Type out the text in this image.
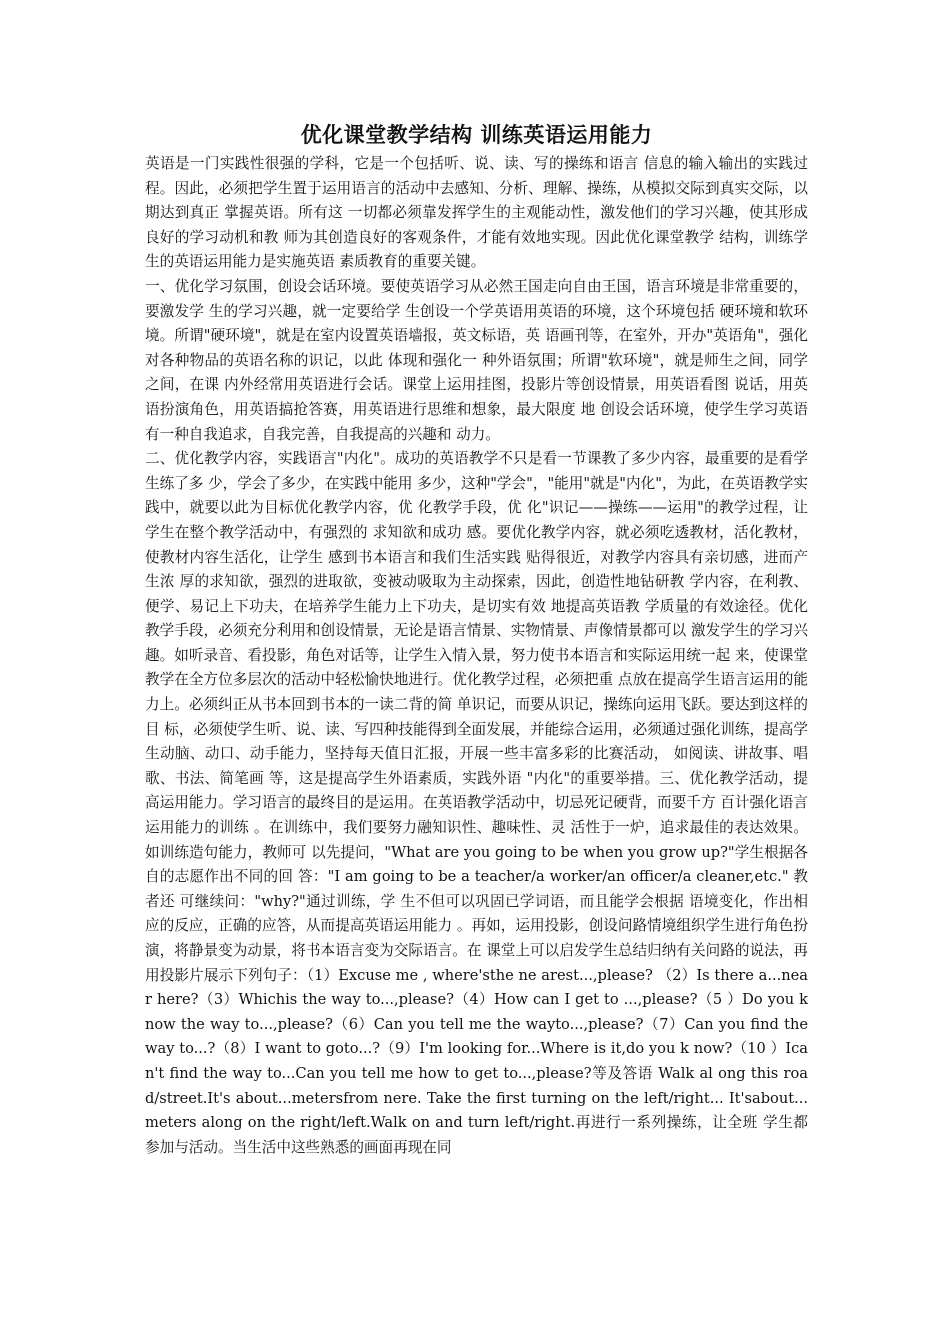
优化课堂教学结构 训练英语运用能力

英语是一门实践性很强的学科，它是一个包括听、说、读、写的操练和语言 信息的输入输出的实践过程。因此，必须把学生置于运用语言的活动中去感知、分析、理解、操练，从模拟交际到真实交际，以期达到真正 掌握英语。所有这 一切都必须靠发挥学生的主观能动性，激发他们的学习兴趣，使其形成良好的学习动机和教 师为其创造良好的客观条件，才能有效地实现。因此优化课堂教学 结构，训练学生的英语运用能力是实施英语 素质教育的重要关键。

一、优化学习氛围，创设会话环境。要使英语学习从必然王国走向自由王国，语言环境是非常重要的，要激发学 生的学习兴趣，就一定要给学 生创设一个学英语用英语的环境，这个环境包括 硬环境和软环境。所谓"硬环境"，就是在室内设置英语墙报，英文标语，英 语画刊等，在室外，开办"英语角"，强化对各种物品的英语名称的识记，以此 体现和强化一 种外语氛围；所谓"软环境"，就是师生之间，同学之间，在课 内外经常用英语进行会话。课堂上运用挂图，投影片等创设情景，用英语看图 说话，用英语扮演角色，用英语搞抢答赛，用英语进行思维和想象，最大限度 地 创设会话环境，使学生学习英语有一种自我追求，自我完善，自我提高的兴趣和 动力。

二、优化教学内容，实践语言"内化"。成功的英语教学不只是看一节课教了多少内容，最重要的是看学生练了多 少，学会了多少，在实践中能用 多少，这种"学会"，"能用"就是"内化"，为此，在英语教学实践中，就要以此为目标优化教学内容，优 化教学手段，优 化"识记——操练——运用"的教学过程，让学生在整个教学活动中，有强烈的 求知欲和成功 感。要优化教学内容，就必须吃透教材，活化教材，使教材内容生活化，让学生 感到书本语言和我们生活实践 贴得很近，对教学内容具有亲切感，进而产生浓 厚的求知欲，强烈的进取欲，变被动吸取为主动探索，因此，创造性地钻研教 学内容，在利教、便学、易记上下功夫，在培养学生能力上下功夫，是切实有效 地提高英语教 学质量的有效途径。优化教学手段，必须充分利用和创设情景，无论是语言情景、实物情景、声像情景都可以 激发学生的学习兴趣。如听录音、看投影，角色对话等，让学生入情入景，努力使书本语言和实际运用统一起 来，使课堂教学在全方位多层次的活动中轻松愉快地进行。优化教学过程，必须把重 点放在提高学生语言运用的能力上。必须纠正从书本回到书本的一读二背的简 单识记，而要从识记，操练向运用飞跃。要达到这样的目 标，必须使学生听、说、读、写四种技能得到全面发展，并能综合运用，必须通过强化训练，提高学 生动脑、动口、动手能力，坚持每天值日汇报，开展一些丰富多彩的比赛活动， 如阅读、讲故事、唱歌、书法、简笔画 等，这是提高学生外语素质，实践外语 "内化"的重要举措。三、优化教学活动，提高运用能力。学习语言的最终目的是运用。在英语教学活动中，切忌死记硬背，而要千方 百计强化语言运用能力的训练 。在训练中，我们要努力融知识性、趣味性、灵 活性于一炉，追求最佳的表达效果。如训练造句能力，教师可 以先提问，"What are you going to be when you grow up?"学生根据各自的志愿作出不同的回 答："I am going to be a teacher/a worker/an officer/a cleaner,etc." 教者还 可继续问："why?"通过训练，学 生不但可以巩固已学词语，而且能学会根据 语境变化，作出相应的反应，正确的应答，从而提高英语运用能力 。再如，运用投影，创设问路情境组织学生进行角色扮演，将静景变为动景，将书本语言变为交际语言。在 课堂上可以启发学生总结归纳有关问路的说法，再用投影片展示下列句子：（1）Excuse me , where'sthe ne arest...,please? （2）Is there a...near here?（3）Whichis the way to...,please?（4）How can I get to ...,please?（5 ）Do you know the way to...,please?（6）Can you tell me the wayto...,please?（7）Can you find the way to...?（8）I want to goto...?（9）I'm looking for...Where is it,do you k now?（10 ）Ican't find the way to...Can you tell me how to get to...,please?等及答语 Walk al ong this road/street.It's about...metersfrom nere. Take the first turning on the left/right... It'sabout...meters along on the right/left.Walk on and turn left/right.再进行一系列操练，让全班 学生都参加与活动。当生活中这些熟悉的画面再现在同
